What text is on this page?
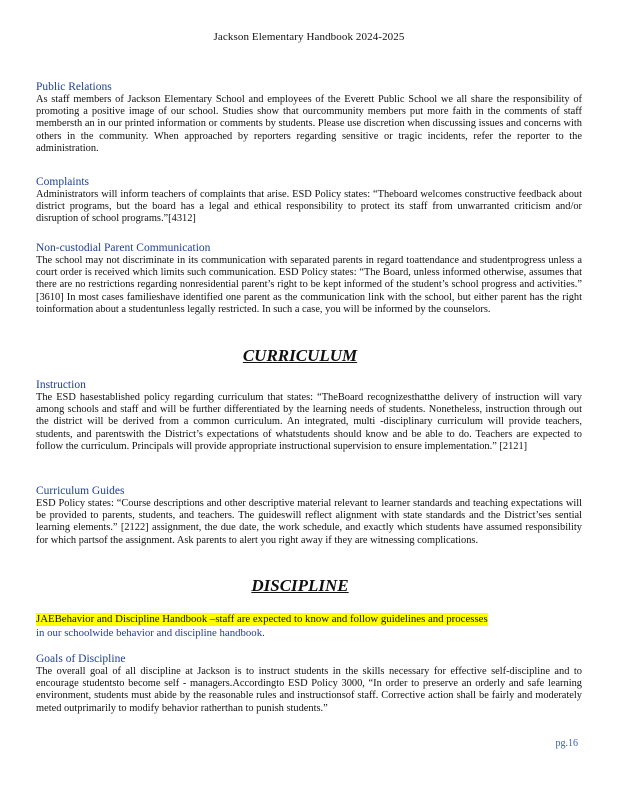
Jackson Elementary Handbook 2024-2025
Public Relations
As staff members of Jackson Elementary School and employees of the Everett Public School we all share the responsibility of promoting a positive image of our school. Studies show that ourcommunity members put more faith in the comments of staff membersth an in our printed information or comments by students. Please use discretion when discussing issues and concerns with others in the community. When approached by reporters regarding sensitive or tragic incidents, refer the reporter to the administration.
Complaints
Administrators will inform teachers of complaints that arise. ESD Policy states: “Theboard welcomes constructive feedback about district programs, but the board has a legal and ethical responsibility to protect its staff from unwarranted criticism and/or disruption of school programs.”[4312]
Non-custodial Parent Communication
The school may not discriminate in its communication with separated parents in regard toattendance and studentprogress unless a court order is received which limits such communication. ESD Policy states: “The Board, unless informed otherwise, assumes that there are no restrictions regarding nonresidential parent’s right to be kept informed of the student’s school progress and activities.” [3610] In most cases familieshave identified one parent as the communication link with the school, but either parent has the right toinformation about a studentunless legally restricted. In such a case, you will be informed by the counselors.
CURRICULUM
Instruction
The ESD hasestablished policy regarding curriculum that states: “TheBoard recognizesthatthe delivery of instruction will vary among schools and staff and will be further differentiated by the learning needs of students. Nonetheless, instruction through out the district will be derived from a common curriculum. An integrated, multi -disciplinary curriculum will provide teachers, students, and parentswith the District’s expectations of whatstudents should know and be able to do. Teachers are expected to follow the curriculum. Principals will provide appropriate instructional supervision to ensure implementation.” [2121]
Curriculum Guides
ESD Policy states: “Course descriptions and other descriptive material relevant to learner standards and teaching expectations will be provided to parents, students, and teachers. The guideswill reflect alignment with state standards and the District’ses sential learning elements.” [2122] assignment, the due date, the work schedule, and exactly which students have assumed responsibility for which partsof the assignment. Ask parents to alert you right away if they are witnessing complications.
DISCIPLINE
JAEBehavior and Discipline Handbook –staff are expected to know and follow guidelines and processes
in our schoolwide behavior and discipline handbook.
Goals of Discipline
The overall goal of all discipline at Jackson is to instruct students in the skills necessary for effective self-discipline and to encourage studentsto become self - managers.Accordingto ESD Policy 3000, “In order to preserve an orderly and safe learning environment, students must abide by the reasonable rules and instructionsof staff. Corrective action shall be fairly and moderately meted outprimarily to modify behavior ratherthan to punish students.”
pg.16
